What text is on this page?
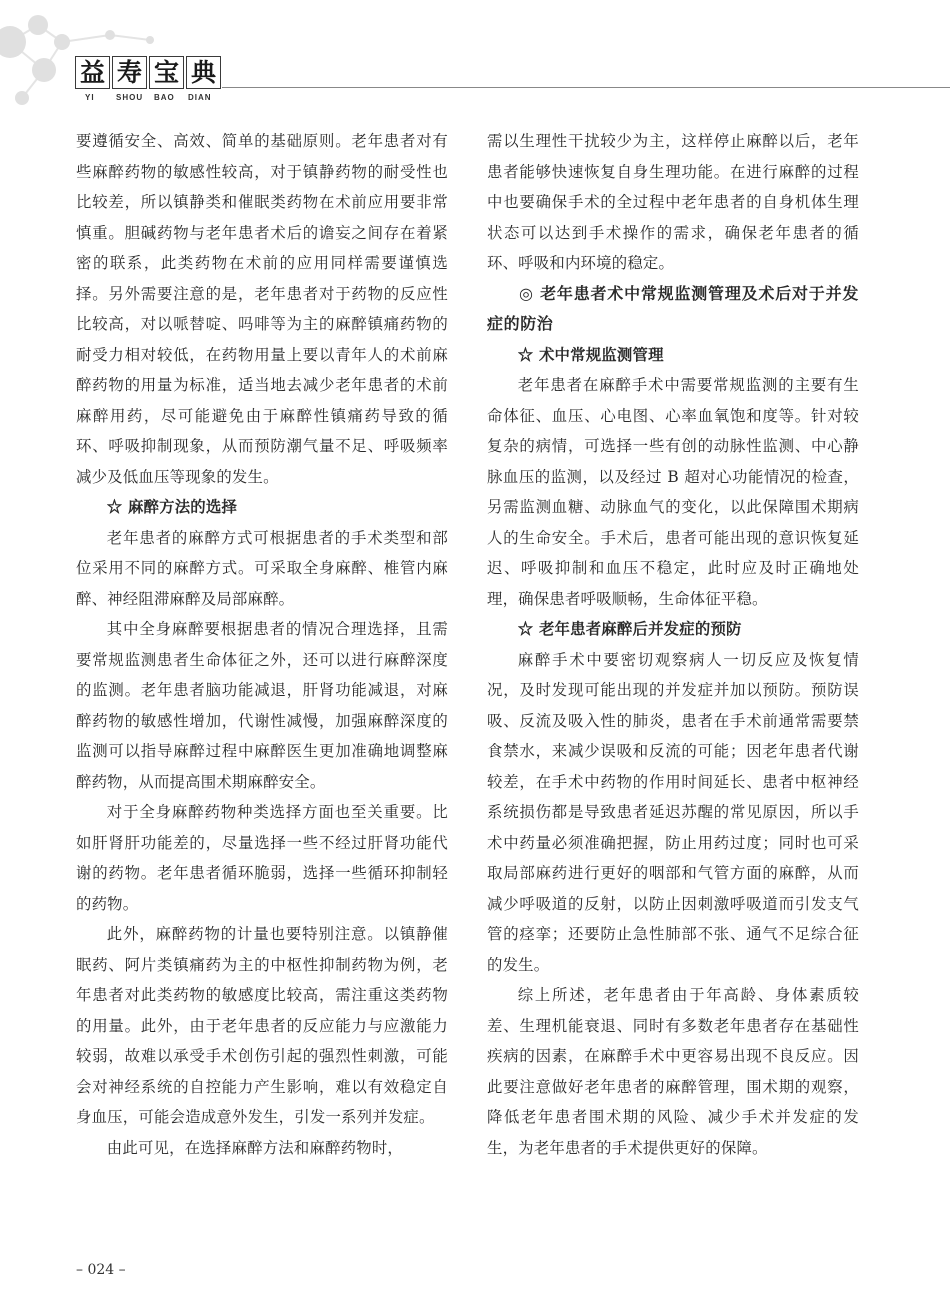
益 寿 宝 典
YI	SHOU BAO DIAN

要遵循安全、高效、简单的基础原则。老年患者对有些麻醉药物的敏感性较高，对于镇静药物的耐受性也比较差，所以镇静类和催眠类药物在术前应用要非常慎重。胆碱药物与老年患者术后的谵妄之间存在着紧密的联系，此类药物在术前的应用同样需要谨慎选择。另外需要注意的是，老年患者对于药物的反应性比较高，对以哌替啶、吗啡等为主的麻醉镇痛药物的耐受力相对较低，在药物用量上要以青年人的术前麻醉药物的用量为标准，适当地去减少老年患者的术前麻醉用药，尽可能避免由于麻醉性镇痛药导致的循环、呼吸抑制现象，从而预防潮气量不足、呼吸频率减少及低血压等现象的发生。

☆ 麻醉方法的选择

老年患者的麻醉方式可根据患者的手术类型和部位采用不同的麻醉方式。可采取全身麻醉、椎管内麻醉、神经阻滞麻醉及局部麻醉。

其中全身麻醉要根据患者的情况合理选择，且需要常规监测患者生命体征之外，还可以进行麻醉深度的监测。老年患者脑功能减退，肝肾功能减退，对麻醉药物的敏感性增加，代谢性减慢，加强麻醉深度的监测可以指导麻醉过程中麻醉医生更加准确地调整麻醉药物，从而提高围术期麻醉安全。

对于全身麻醉药物种类选择方面也至关重要。比如肝肾肝功能差的，尽量选择一些不经过肝肾功能代谢的药物。老年患者循环脆弱，选择一些循环抑制轻的药物。

此外，麻醉药物的计量也要特别注意。以镇静催眠药、阿片类镇痛药为主的中枢性抑制药物为例，老年患者对此类药物的敏感度比较高，需注重这类药物的用量。此外，由于老年患者的反应能力与应激能力较弱，故难以承受手术创伤引起的强烈性刺激，可能会对神经系统的自控能力产生影响，难以有效稳定自身血压，可能会造成意外发生，引发一系列并发症。

由此可见，在选择麻醉方法和麻醉药物时，

需以生理性干扰较少为主，这样停止麻醉以后，老年患者能够快速恢复自身生理功能。在进行麻醉的过程中也要确保手术的全过程中老年患者的自身机体生理状态可以达到手术操作的需求，确保老年患者的循环、呼吸和内环境的稳定。

◎ 老年患者术中常规监测管理及术后对于并发症的防治
☆ 术中常规监测管理

老年患者在麻醉手术中需要常规监测的主要有生命体征、血压、心电图、心率血氧饱和度等。针对较复杂的病情，可选择一些有创的动脉性监测、中心静脉血压的监测，以及经过 B 超对心功能情况的检查，另需监测血糖、动脉血气的变化，以此保障围术期病人的生命安全。手术后，患者可能出现的意识恢复延迟、呼吸抑制和血压不稳定，此时应及时正确地处理，确保患者呼吸顺畅，生命体征平稳。

☆ 老年患者麻醉后并发症的预防

麻醉手术中要密切观察病人一切反应及恢复情况，及时发现可能出现的并发症并加以预防。预防误吸、反流及吸入性的肺炎，患者在手术前通常需要禁食禁水，来减少误吸和反流的可能；因老年患者代谢较差，在手术中药物的作用时间延长、患者中枢神经系统损伤都是导致患者延迟苏醒的常见原因，所以手术中药量必须准确把握，防止用药过度；同时也可采取局部麻药进行更好的咽部和气管方面的麻醉，从而减少呼吸道的反射，以防止因刺激呼吸道而引发支气管的痉挛；还要防止急性肺部不张、通气不足综合征的发生。

综上所述，老年患者由于年高龄、身体素质较差、生理机能衰退、同时有多数老年患者存在基础性疾病的因素，在麻醉手术中更容易出现不良反应。因此要注意做好老年患者的麻醉管理，围术期的观察，降低老年患者围术期的风险、减少手术并发症的发生，为老年患者的手术提供更好的保障。

– 024 –
